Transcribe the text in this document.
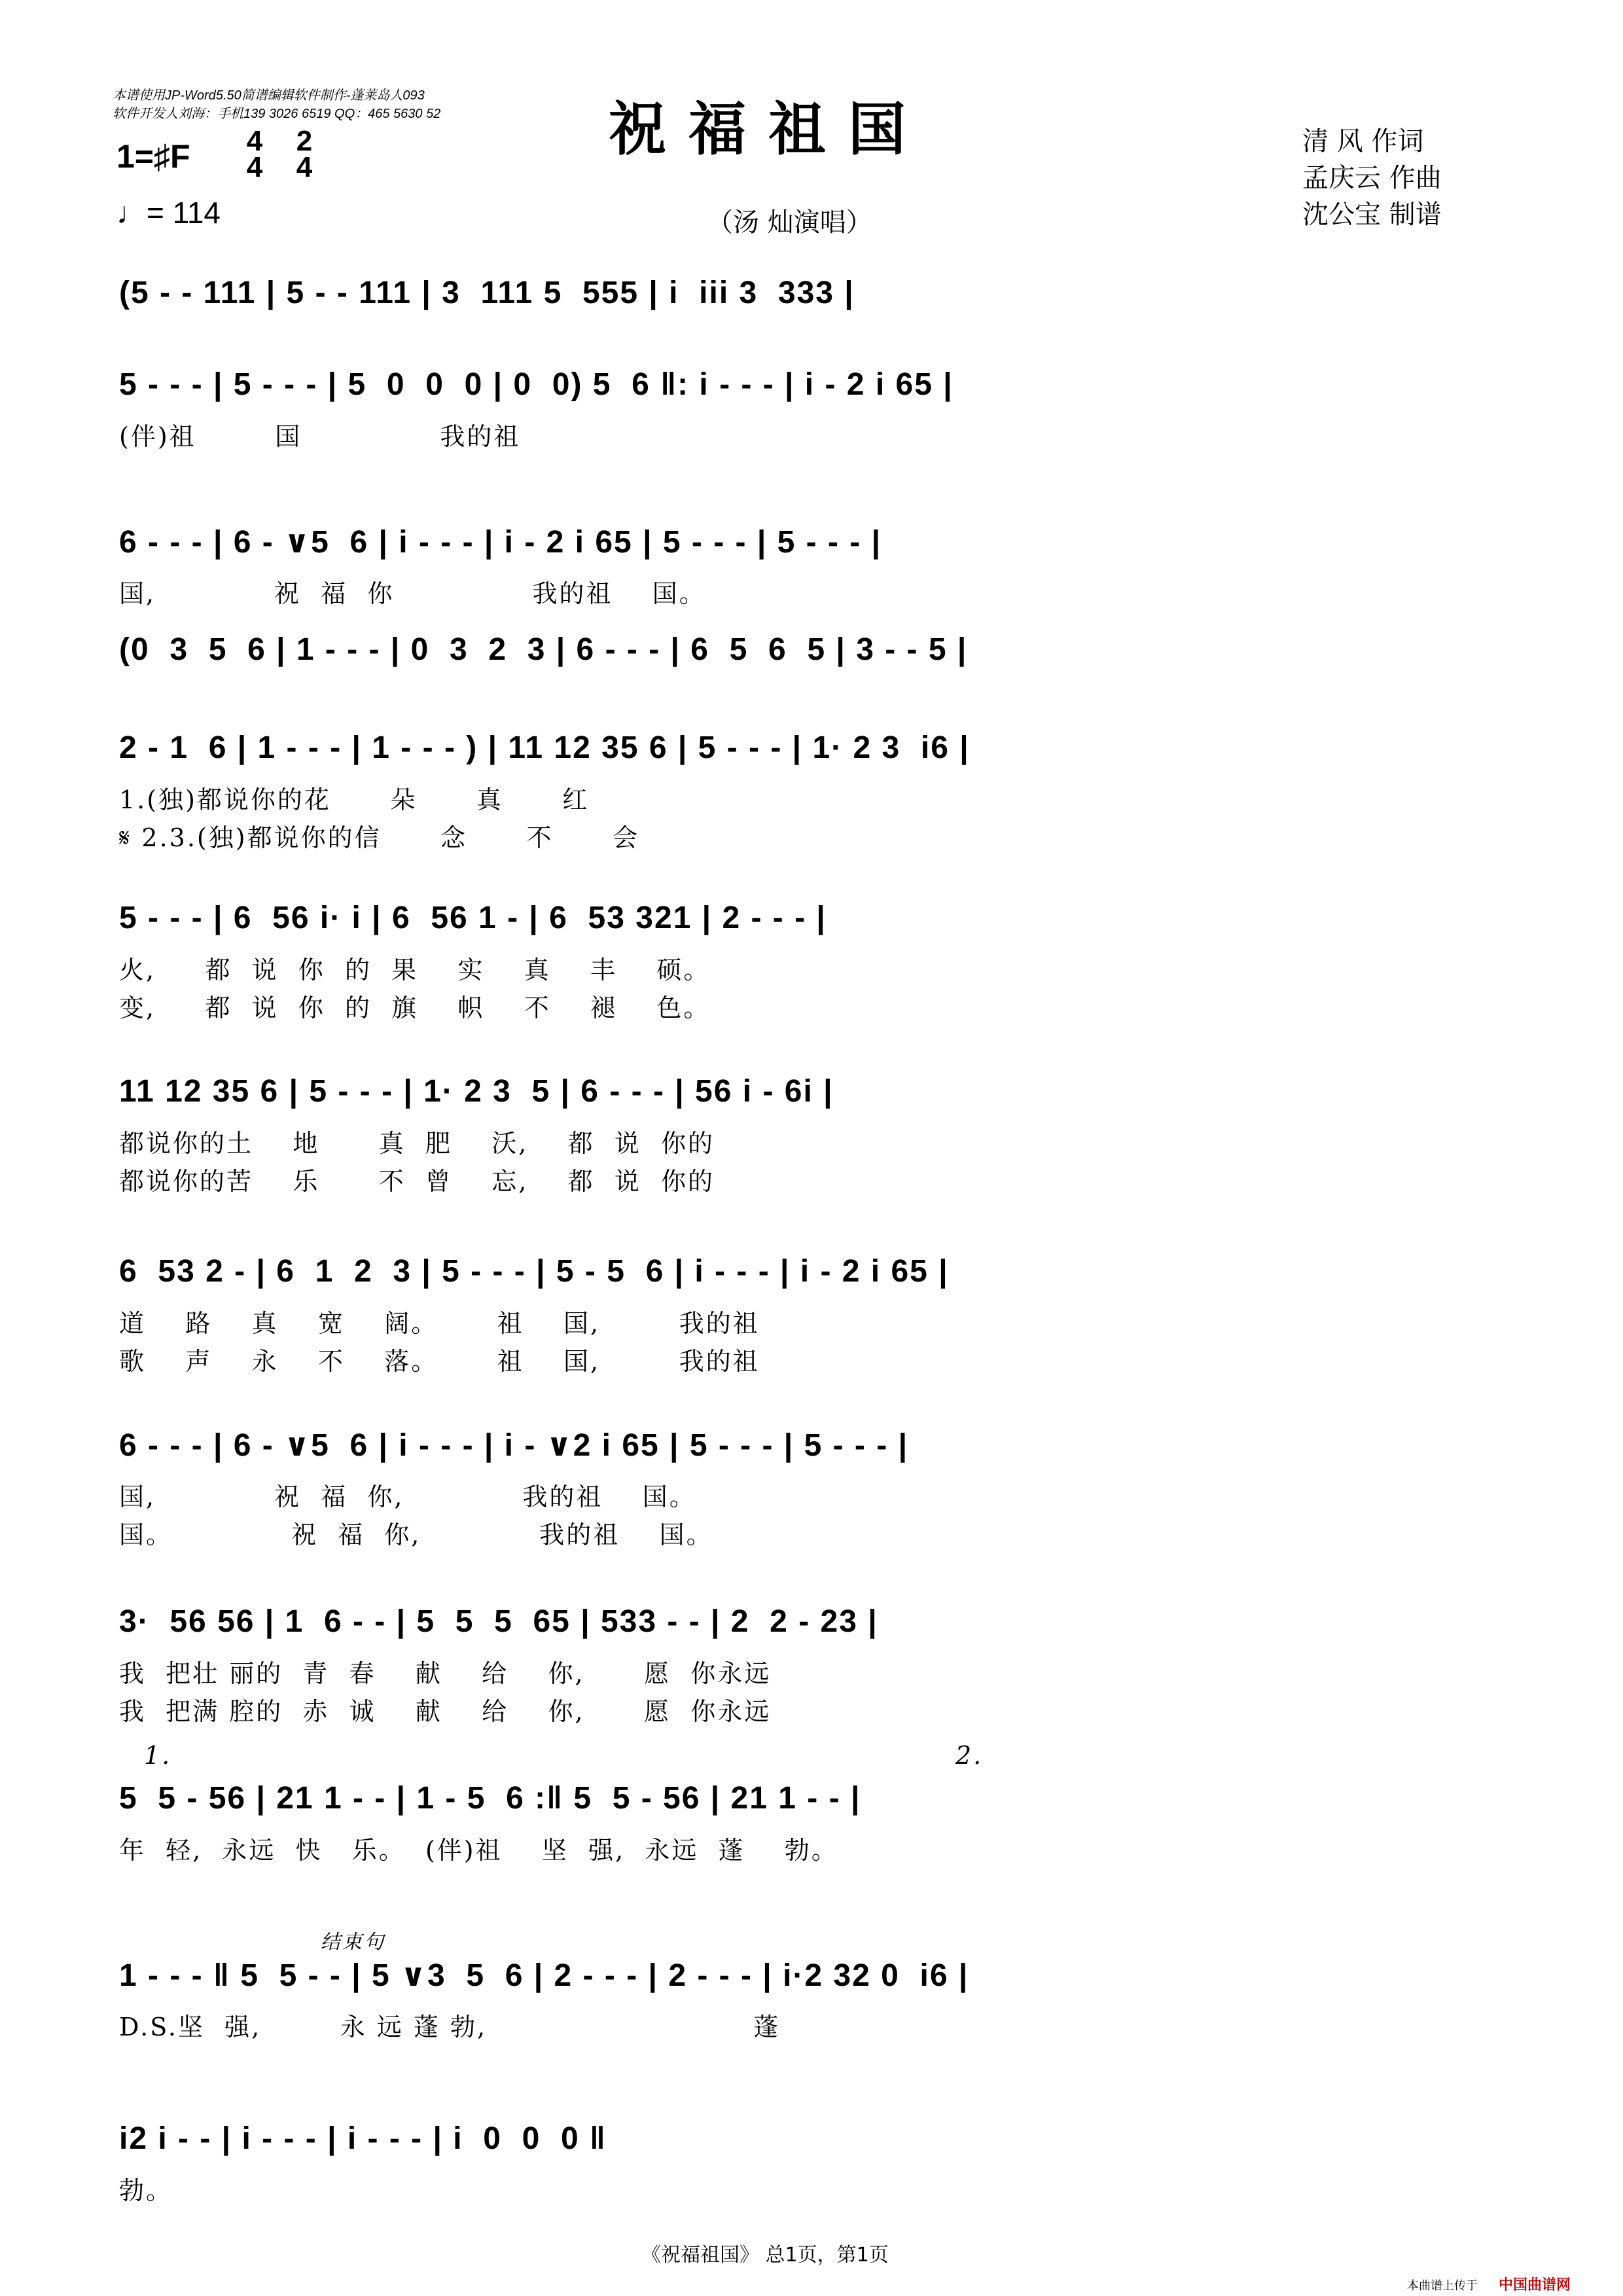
本谱使用JP-Word5.50简谱编辑软件制作-蓬莱岛人093
软件开发人刘海：手机139 3026 6519 QQ：465 5630 52	祝福祖国
1=♯F 4
4
2
4
♩= 114	（汤 灿演唱）
清 风 作词
孟庆云 作曲
沈公宝 制谱
(5 - - 111 | 5 - - 111 | 3  111 5  555 | i  iii 3  333 |
5 - - - | 5 - - - | 5  0  0  0 | 0  0) 5  6 ‖: i - - - | i - 2 i 65 |
(伴)祖        国              我的祖
6 - - - | 6 - ∨5  6 | i - - - | i - 2 i 65 | 5 - - - | 5 - - - |
国,            祝  福  你              我的祖    国。
(0  3  5  6 | 1 - - - | 0  3  2  3 | 6 - - - | 6  5  6  5 | 3 - - 5 |
2 - 1  6 | 1 - - - | 1 - - - ) | 11 12 35 6 | 5 - - - | 1· 2 3  i6 |
1.(独)都说你的花      朵      真      红
𝄋 2.3.(独)都说你的信      念      不      会
5 - - - | 6  56 i· i | 6  56 1 - | 6  53 321 | 2 - - - |
火,     都  说  你  的  果    实    真    丰    硕。
变,     都  说  你  的  旗    帜    不    褪    色。
11 12 35 6 | 5 - - - | 1· 2 3  5 | 6 - - - | 56 i - 6i |
都说你的土    地      真  肥    沃,    都  说  你的
都说你的苦    乐      不  曾    忘,    都  说  你的
6  53 2 - | 6  1  2  3 | 5 - - - | 5 - 5  6 | i - - - | i - 2 i 65 |
道    路    真    宽    阔。      祖    国,        我的祖
歌    声    永    不    落。      祖    国,        我的祖
6 - - - | 6 - ∨5  6 | i - - - | i - ∨2 i 65 | 5 - - - | 5 - - - |
国,            祝  福  你,            我的祖    国。
国。            祝  福  你,            我的祖    国。
3·  56 56 | 1  6 - - | 5  5  5  65 | 533 - - | 2  2 - 23 |
我  把壮 丽的  青  春    献    给    你,      愿  你永远
我  把满 腔的  赤  诚    献    给    你,      愿  你永远
5  5 - 56 | 21 1 - - | 1 - 5  6 :‖ 5  5 - 56 | 21 1 - - |
年  轻,  永远  快   乐。  (伴)祖    坚  强,  永远  蓬    勃。
1.	2.
1 - - - ‖ 5  5 - - | 5 ∨3  5  6 | 2 - - - | 2 - - - | i·2 32 0  i6 |
D.S.坚  强,        永 远 蓬 勃,                           蓬
结束句
i2 i - - | i - - - | i - - - | i  0  0  0 ‖
勃。
《祝福祖国》 总1页，第1页
本曲谱上传于 中国曲谱网
